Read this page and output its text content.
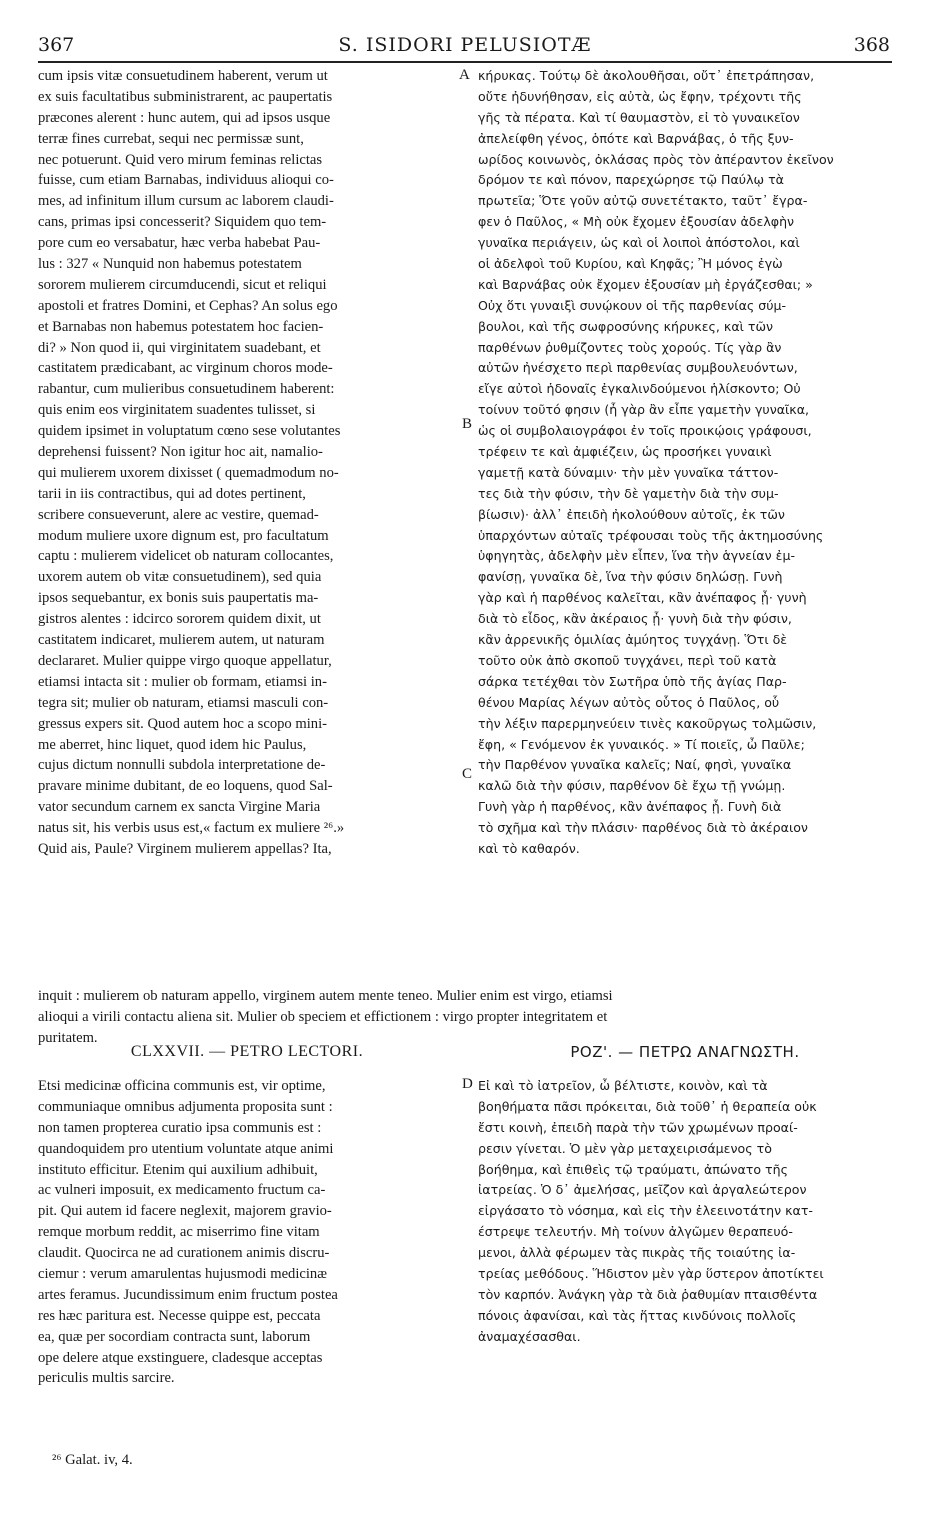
S. ISIDORI PELUSIOTÆ
367	368
cum ipsis vitæ consuetudinem haberent, verum ut
ex suis facultatibus subministrarent, ac paupertatis
præcones alerent : hunc autem, qui ad ipsos usque
terræ fines currebat, sequi nec permissæ sunt,
nec potuerunt. Quid vero mirum feminas relictas
fuisse, cum etiam Barnabas, individuus alioqui co-
mes, ad infinitum illum cursum ac laborem claudi-
cans, primas ipsi concesserit? Siquidem quo tem-
pore cum eo versabatur, hæc verba habebat Pau-
lus : 327 « Nunquid non habemus potestatem
sororem mulierem circumducendi, sicut et reliqui
apostoli et fratres Domini, et Cephas? An solus ego
et Barnabas non habemus potestatem hoc facien-
di? » Non quod ii, qui virginitatem suadebant, et
castitatem prædicabant, ac virginum choros mode-
rabantur, cum mulieribus consuetudinem haberent:
quis enim eos virginitatem suadentes tulisset, si
quidem ipsimet in voluptatum cœno sese volutantes
deprehensi fuissent? Non igitur hoc ait, namalio-
qui mulierem uxorem dixisset ( quemadmodum no-
tarii in iis contractibus, qui ad dotes pertinent,
scribere consueverunt, alere ac vestire, quemad-
modum muliere uxore dignum est, pro facultatum
captu : mulierem videlicet ob naturam collocantes,
uxorem autem ob vitæ consuetudinem), sed quia
ipsos sequebantur, ex bonis suis paupertatis ma-
gistros alentes : idcirco sororem quidem dixit, ut
castitatem indicaret, mulierem autem, ut naturam
declararet. Mulier quippe virgo quoque appellatur,
etiamsi intacta sit : mulier ob formam, etiamsi in-
tegra sit; mulier ob naturam, etiamsi masculi con-
gressus expers sit. Quod autem hoc a scopo mini-
me aberret, hinc liquet, quod idem hic Paulus,
cujus dictum nonnulli subdola interpretatione de-
pravare minime dubitant, de eo loquens, quod Sal-
vator secundum carnem ex sancta Virgine Maria
natus sit, his verbis usus est,« factum ex muliere ²⁶.»
Quid ais, Paule? Virginem mulierem appellas? Ita,
κήρυκας. Τούτῳ δὲ ἀκολουθῆσαι, οὔτ᾽ ἐπετράπησαν,
οὔτε ἠδυνήθησαν, εἰς αὐτὰ, ὡς ἔφην, τρέχοντι τῆς
γῆς τὰ πέρατα. Καὶ τί θαυμαστὸν, εἰ τὸ γυναικεῖον
ἀπελείφθη γένος, ὁπότε καὶ Βαρνάβας, ὁ τῆς ξυν-
ωρίδος κοινωνὸς, ὀκλάσας πρὸς τὸν ἀπέραντον ἐκεῖνον
δρόμον τε καὶ πόνον, παρεχώρησε τῷ Παύλῳ τὰ
πρωτεῖα; Ὅτε γοῦν αὐτῷ συνετέτακτο, ταῦτ᾽ ἔγρα-
φεν ὁ Παῦλος, « Μὴ οὐκ ἔχομεν ἐξουσίαν ἀδελφὴν
γυναῖκα περιάγειν, ὡς καὶ οἱ λοιποὶ ἀπόστολοι, καὶ
οἱ ἀδελφοὶ τοῦ Κυρίου, καὶ Κηφᾶς; Ἢ μόνος ἐγὼ
καὶ Βαρνάβας οὐκ ἔχομεν ἐξουσίαν μὴ ἐργάζεσθαι; »
Οὐχ ὅτι γυναιξὶ συνῴκουν οἱ τῆς παρθενίας σύμ-
βουλοι, καὶ τῆς σωφροσύνης κήρυκες, καὶ τῶν
παρθένων ῥυθμίζοντες τοὺς χορούς. Τίς γὰρ ἂν
αὐτῶν ἠνέσχετο περὶ παρθενίας συμβουλευόντων,
εἴγε αὐτοὶ ἡδοναῖς ἐγκαλινδούμενοι ἡλίσκοντο; Οὐ
τοίνυν τοῦτό φησιν (ἦ γὰρ ἂν εἶπε γαμετὴν γυναῖκα,
ὡς οἱ συμβολαιογράφοι ἐν τοῖς προικῴοις γράφουσι,
τρέφειν τε καὶ ἀμφιέζειν, ὡς προσήκει γυναικὶ
γαμετῇ κατὰ δύναμιν· τὴν μὲν γυναῖκα τάττον-
τες διὰ τὴν φύσιν, τὴν δὲ γαμετὴν διὰ τὴν συμ-
βίωσιν)· ἀλλ᾽ ἐπειδὴ ἠκολούθουν αὐτοῖς, ἐκ τῶν
ὑπαρχόντων αὐταῖς τρέφουσαι τοὺς τῆς ἀκτημοσύνης
ὑφηγητὰς, ἀδελφὴν μὲν εἶπεν, ἵνα τὴν ἁγνείαν ἐμ-
φανίσῃ, γυναῖκα δὲ, ἵνα τὴν φύσιν δηλώσῃ. Γυνὴ
γὰρ καὶ ἡ παρθένος καλεῖται, κἂν ἀνέπαφος ᾖ· γυνὴ
διὰ τὸ εἶδος, κἂν ἀκέραιος ᾖ· γυνὴ διὰ τὴν φύσιν,
κἂν ἀρρενικῆς ὁμιλίας ἀμύητος τυγχάνῃ. Ὅτι δὲ
τοῦτο οὐκ ἀπὸ σκοποῦ τυγχάνει, περὶ τοῦ κατὰ
σάρκα τετέχθαι τὸν Σωτῆρα ὑπὸ τῆς ἁγίας Παρ-
θένου Μαρίας λέγων αὐτὸς οὗτος ὁ Παῦλος, οὗ
τὴν λέξιν παρερμηνεύειν τινὲς κακοῦργως τολμῶσιν,
ἔφη, « Γενόμενον ἐκ γυναικός. » Τί ποιεῖς, ὦ Παῦλε;
τὴν Παρθένον γυναῖκα καλεῖς; Ναί, φησὶ, γυναῖκα
καλῶ διὰ τὴν φύσιν, παρθένον δὲ ἔχω τῇ γνώμῃ.
Γυνὴ γὰρ ἡ παρθένος, κἂν ἀνέπαφος ᾖ. Γυνὴ διὰ
τὸ σχῆμα καὶ τὴν πλάσιν· παρθένος διὰ τὸ ἀκέραιον
καὶ τὸ καθαρόν.
A
B
C
D
inquit : mulierem ob naturam appello, virginem autem mente teneo. Mulier enim est virgo, etiamsi
alioqui a virili contactu aliena sit. Mulier ob speciem et effictionem : virgo propter integritatem et
puritatem.
CLXXVII. — PETRO LECTORI.	ΡΟΖ'. — ΠΕΤΡΩ ΑΝΑΓΝΩΣΤΗ.
Etsi medicinæ officina communis est, vir optime,
communiaque omnibus adjumenta proposita sunt :
non tamen propterea curatio ipsa communis est :
quandoquidem pro utentium voluntate atque animi
instituto efficitur. Etenim qui auxilium adhibuit,
ac vulneri imposuit, ex medicamento fructum ca-
pit. Qui autem id facere neglexit, majorem gravio-
remque morbum reddit, ac miserrimo fine vitam
claudit. Quocirca ne ad curationem animis discru-
ciemur : verum amarulentas hujusmodi medicinæ
artes feramus. Jucundissimum enim fructum postea
res hæc paritura est. Necesse quippe est, peccata
ea, quæ per socordiam contracta sunt, laborum
ope delere atque exstinguere, cladesque acceptas
periculis multis sarcire.
Εἰ καὶ τὸ ἰατρεῖον, ὦ βέλτιστε, κοινὸν, καὶ τὰ
βοηθήματα πᾶσι πρόκειται, διὰ τοῦθ᾽ ἡ θεραπεία οὐκ
ἔστι κοινὴ, ἐπειδὴ παρὰ τὴν τῶν χρωμένων προαί-
ρεσιν γίνεται. Ὁ μὲν γὰρ μεταχειρισάμενος τὸ
βοήθημα, καὶ ἐπιθεὶς τῷ τραύματι, ἀπώνατο τῆς
ἰατρείας. Ὁ δ᾽ ἀμελήσας, μεῖζον καὶ ἀργαλεώτερον
εἰργάσατο τὸ νόσημα, καὶ εἰς τὴν ἐλεεινοτάτην κατ-
έστρεψε τελευτήν. Μὴ τοίνυν ἀλγῶμεν θεραπευό-
μενοι, ἀλλὰ φέρωμεν τὰς πικρὰς τῆς τοιαύτης ἰα-
τρείας μεθόδους. Ἥδιστον μὲν γὰρ ὕστερον ἀποτίκτει
τὸν καρπόν. Ἀνάγκη γὰρ τὰ διὰ ῥαθυμίαν πταισθέντα
πόνοις ἀφανίσαι, καὶ τὰς ἥττας κινδύνοις πολλοῖς
ἀναμαχέσασθαι.
²⁶ Galat. iv, 4.
